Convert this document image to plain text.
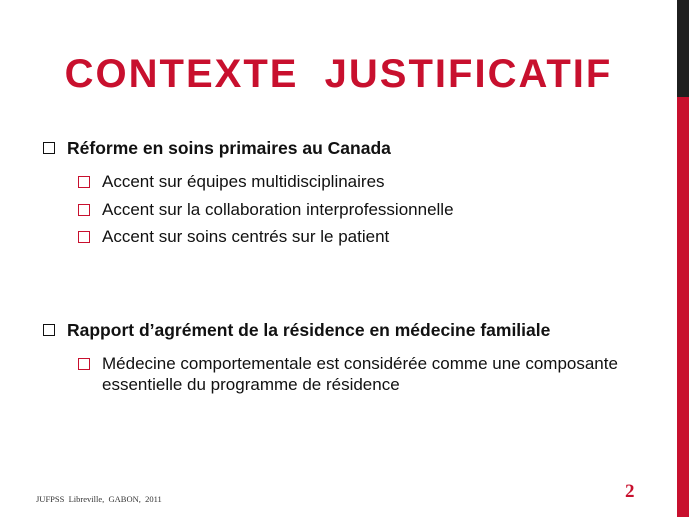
CONTEXTE  JUSTIFICATIF
Réforme en soins primaires au Canada
Accent sur équipes multidisciplinaires
Accent sur la collaboration interprofessionnelle
Accent sur soins centrés sur le patient
Rapport d’agrément de la résidence en médecine familiale
Médecine comportementale est considérée comme une composante essentielle du programme de résidence
JUFPSS  Libreville,  GABON,  2011	2
